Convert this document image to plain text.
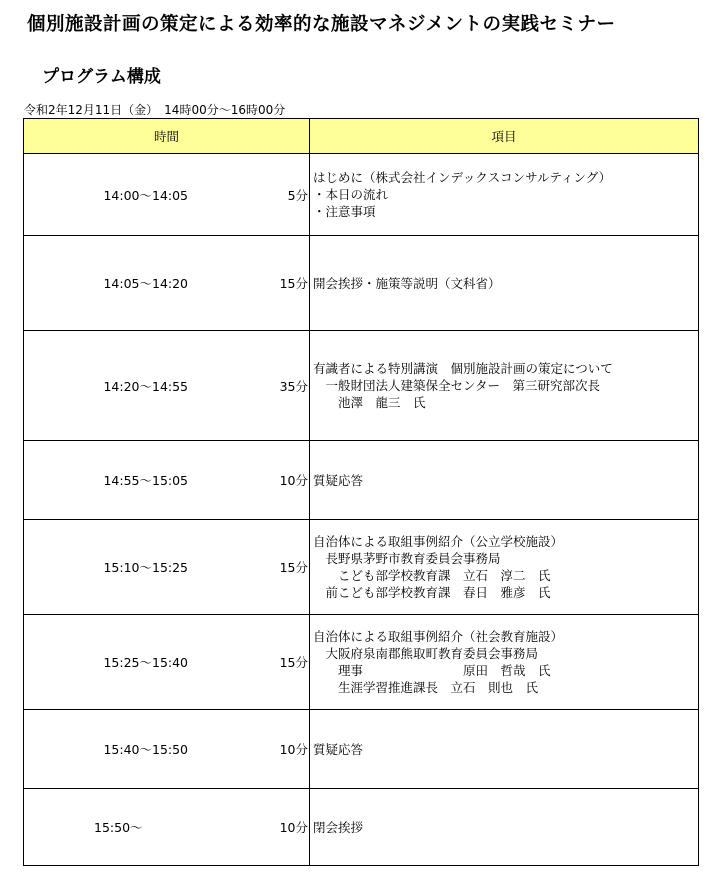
個別施設計画の策定による効率的な施設マネジメントの実践セミナー
プログラム構成
令和2年12月11日（金）　14時00分～16時00分
時間		項目
14:00～14:05	5分	はじめに（株式会社インデックスコンサルティング）
・本日の流れ
・注意事項

14:05～14:20	15分	開会挨拶・施策等説明（文科省）

14:20～14:55	35分	有識者による特別講演　個別施設計画の策定について
　一般財団法人建築保全センター　第三研究部次長
　　池澤　龍三　氏

14:55～15:05	10分	質疑応答

15:10～15:25	15分	自治体による取組事例紹介（公立学校施設）
　長野県茅野市教育委員会事務局
　　こども部学校教育課　立石　淳二　氏
　前こども部学校教育課　春日　雅彦　氏

15:25～15:40	15分	自治体による取組事例紹介（社会教育施設）
　大阪府泉南郡熊取町教育委員会事務局
　　理事　　　　　　　　原田　哲哉　氏
　　生涯学習推進課長　立石　則也　氏

15:40～15:50	10分	質疑応答

15:50～	10分	閉会挨拶
